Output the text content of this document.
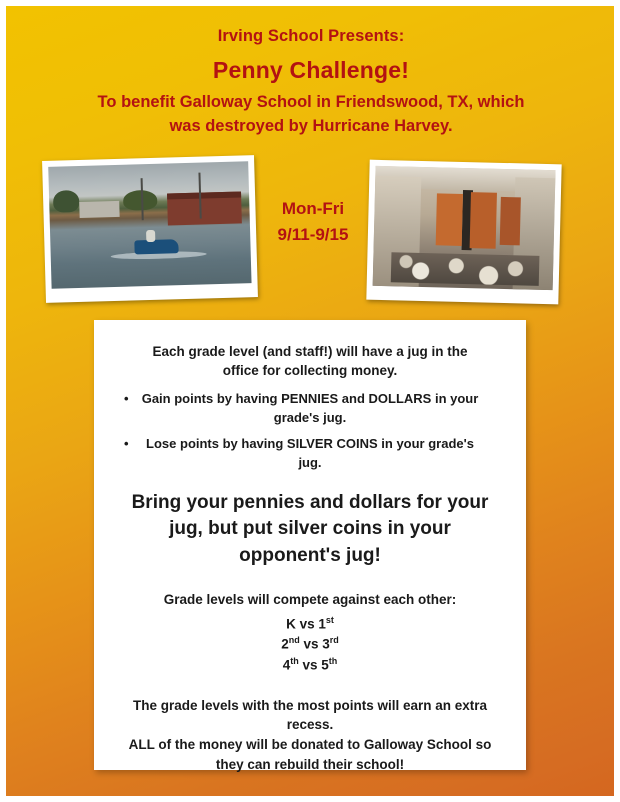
Irving School Presents:
Penny Challenge!
To benefit Galloway School in Friendswood, TX, which was destroyed by Hurricane Harvey.
Mon-Fri
9/11-9/15
Each grade level (and staff!) will have a jug in the office for collecting money.
• Gain points by having PENNIES and DOLLARS in your grade's jug.
• Lose points by having SILVER COINS in your grade's jug.
Bring your pennies and dollars for your jug, but put silver coins in your opponent's jug!
Grade levels will compete against each other:
K vs 1st
2nd vs 3rd
4th vs 5th
The grade levels with the most points will earn an extra recess.
ALL of the money will be donated to Galloway School so they can rebuild their school!
